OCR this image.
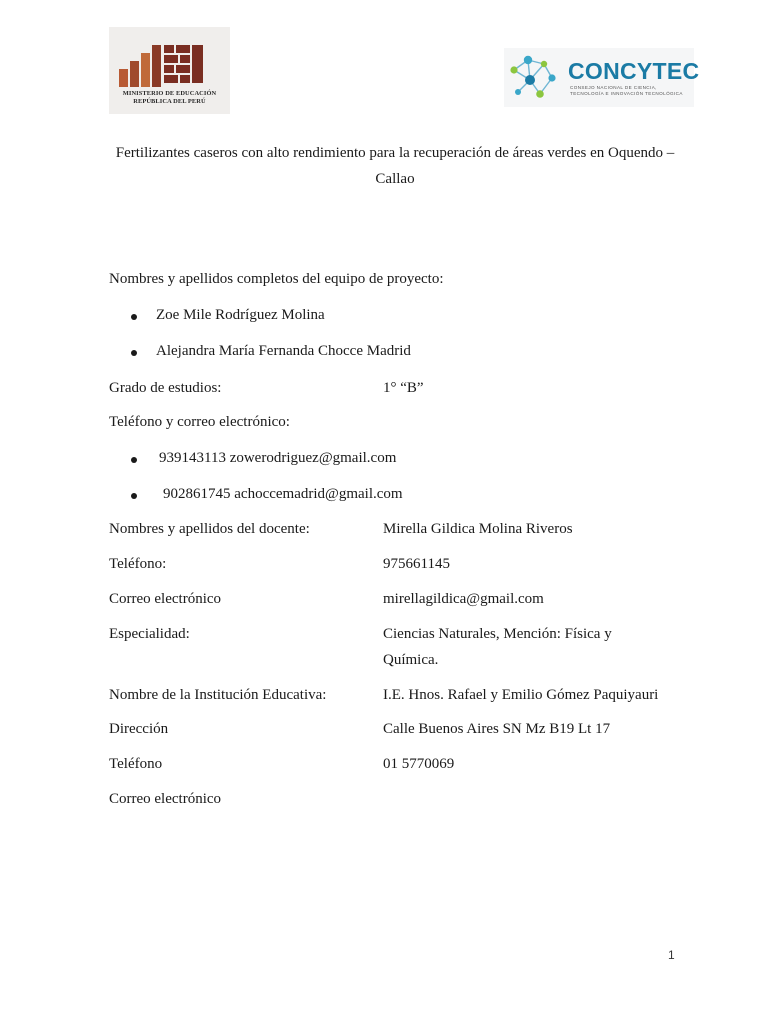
MINISTERIO DE EDUCACIÓN
REPÚBLICA DEL PERÚ
CONCYTEC
CONSEJO NACIONAL DE CIENCIA,
TECNOLOGÍA E INNOVACIÓN TECNOLÓGICA
Fertilizantes caseros con alto rendimiento para la recuperación de áreas verdes en Oquendo – Callao
Nombres y apellidos completos del equipo de proyecto:
Zoe Mile Rodríguez Molina
Alejandra María Fernanda Chocce Madrid
Grado de estudios:	1° “B”
Teléfono y correo electrónico:
939143113 zowerodriguez@gmail.com
902861745 achoccemadrid@gmail.com
Nombres y apellidos del docente:	Mirella Gildica Molina Riveros
Teléfono:	975661145
Correo electrónico	mirellagildica@gmail.com
Especialidad:	Ciencias Naturales, Mención: Física y
Química.
Nombre de la Institución Educativa:	I.E. Hnos. Rafael y Emilio Gómez Paquiyauri
Dirección	Calle Buenos Aires SN Mz B19 Lt 17
Teléfono	01 5770069
Correo electrónico
1
